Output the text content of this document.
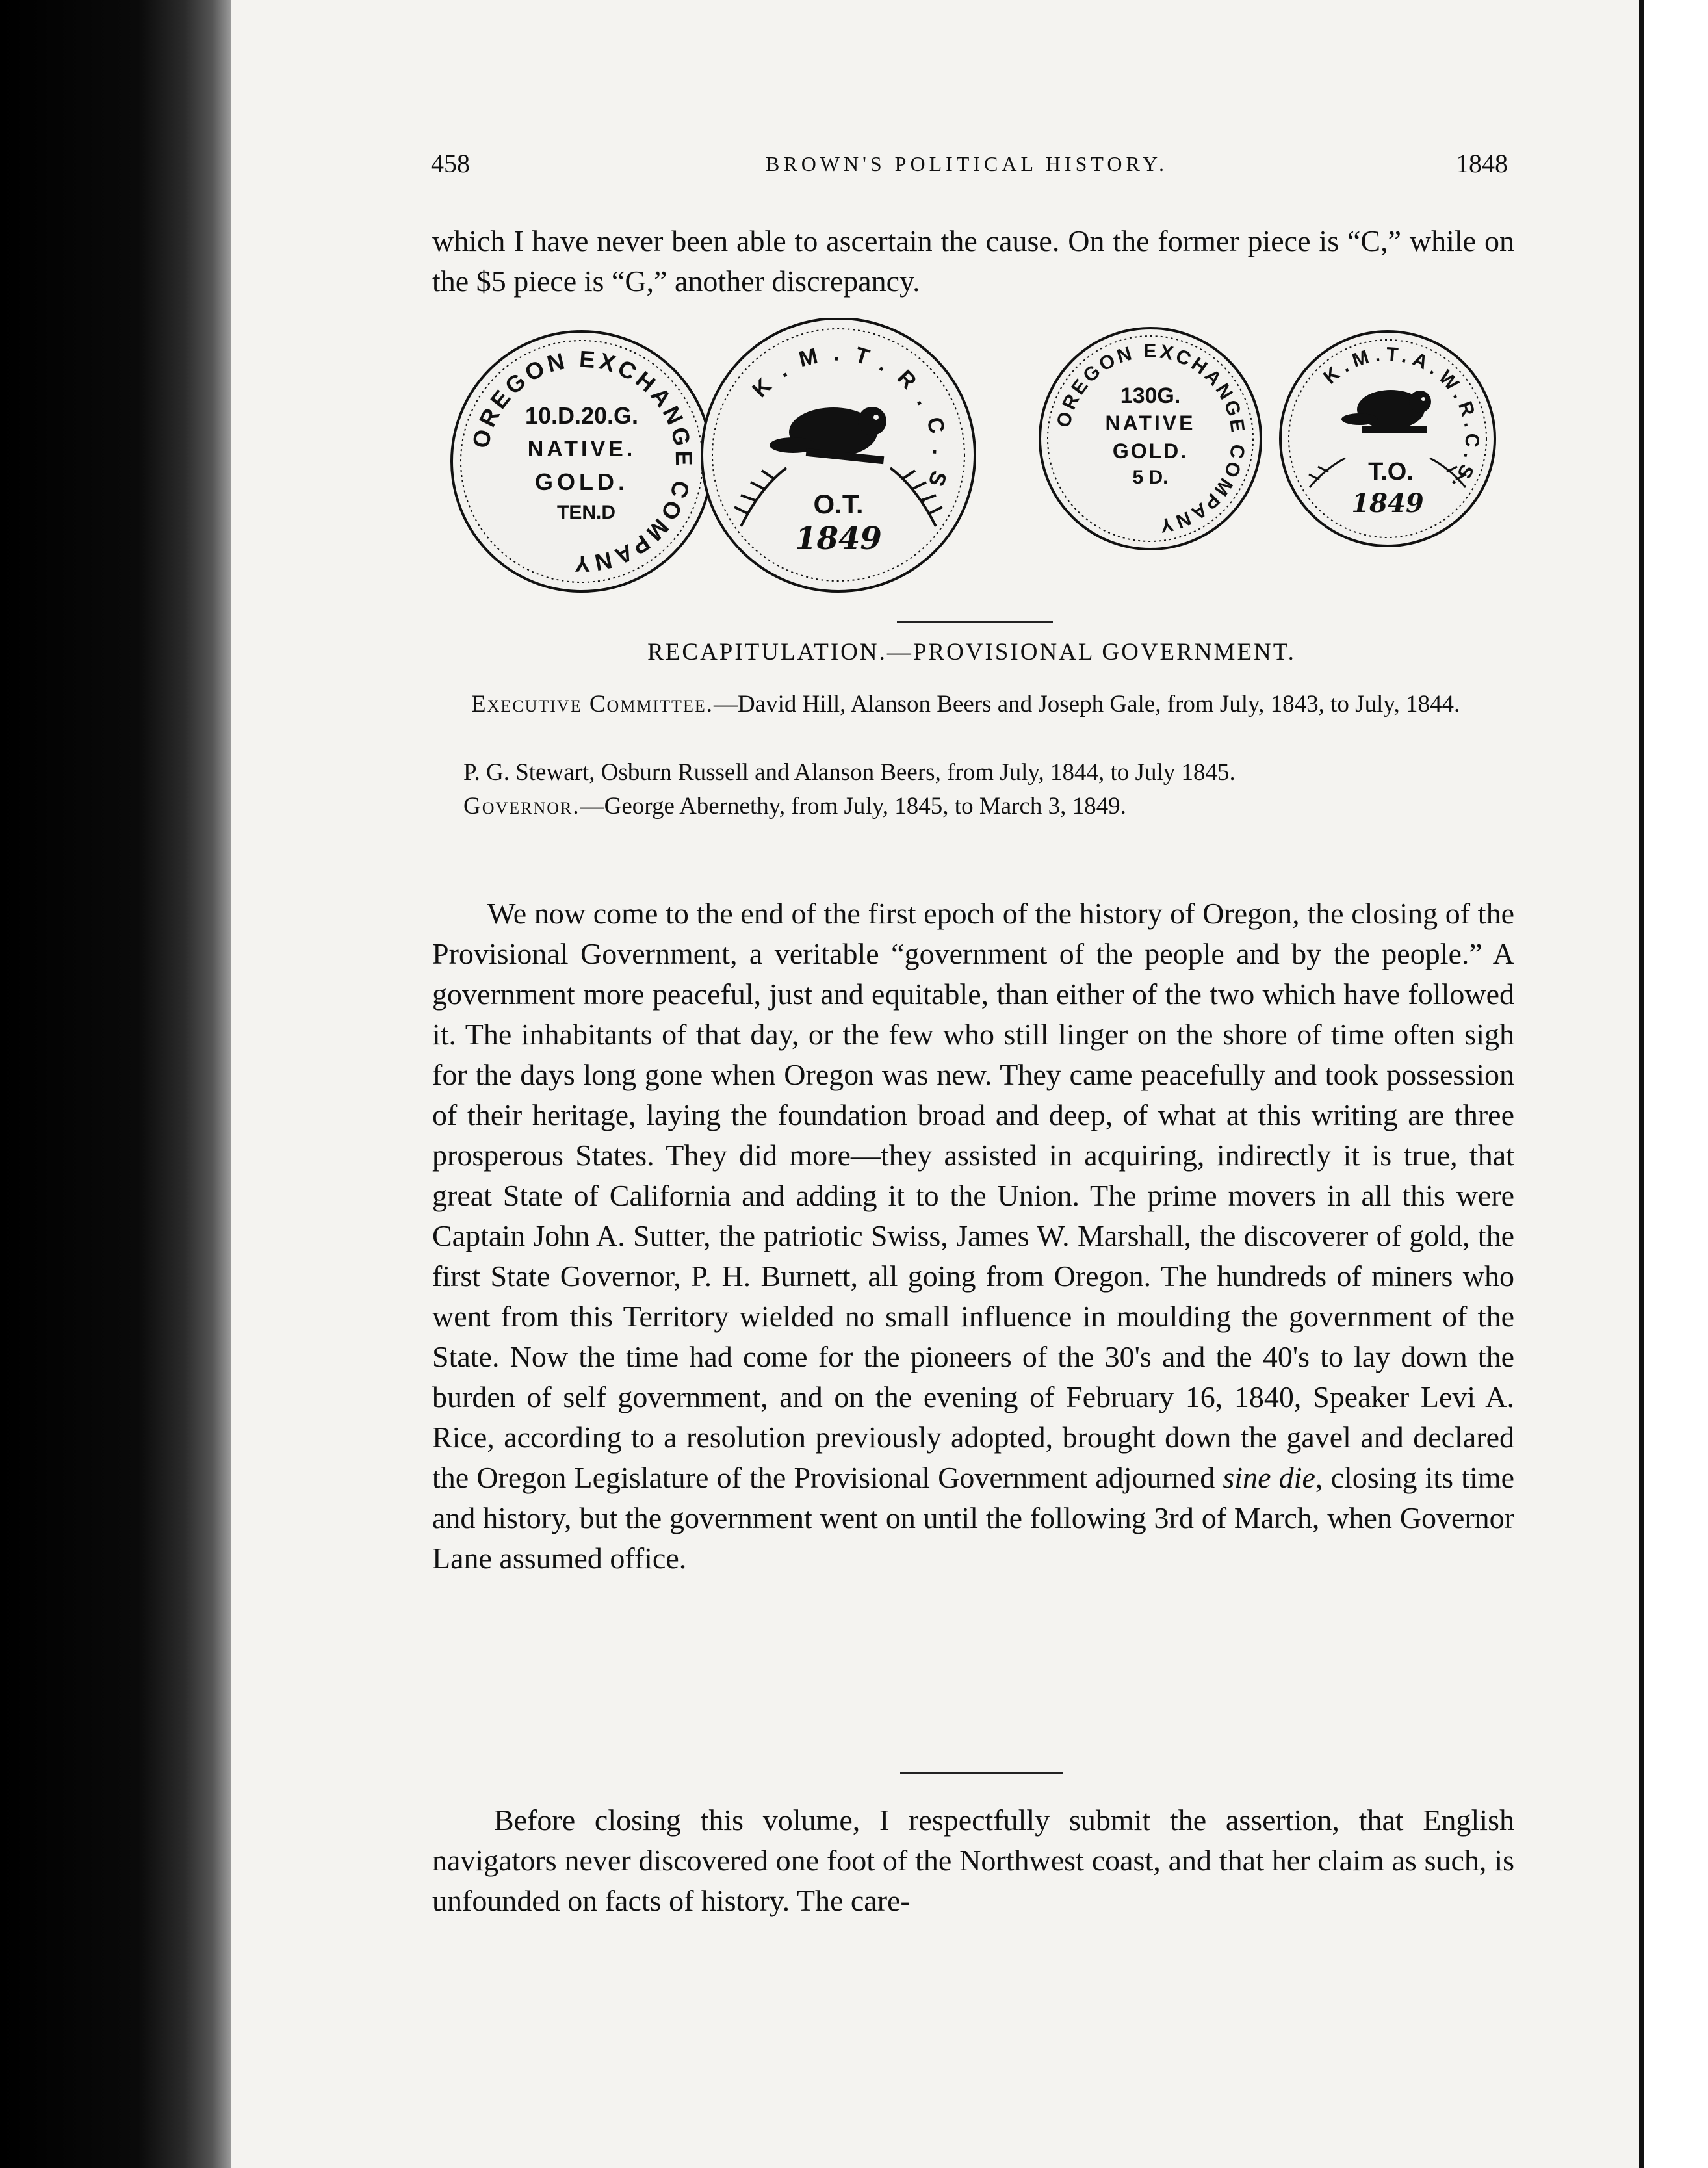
458	BROWN'S POLITICAL HISTORY.	1848
which I have never been able to ascertain the cause. On the former piece is “C,” while on the $5 piece is “G,” another discrepancy.
OREGON EXCHANGE COMPANY
10.D.20.G.
NATIVE.
GOLD.
TEN.D
K.M.T.R.C.S.
O.T.
1849
OREGON EXCHANGE COMPANY
130G.
NATIVE
GOLD.
5 D.
K.M.T.A.W.R.C.S.
T.O.
1849
RECAPITULATION.—PROVISIONAL GOVERNMENT.
Executive Committee.—David Hill, Alanson Beers and Joseph Gale, from July, 1843, to July, 1844.
P. G. Stewart, Osburn Russell and Alanson Beers, from July, 1844, to July 1845.
Governor.—George Abernethy, from July, 1845, to March 3, 1849.

We now come to the end of the first epoch of the history of Oregon, the closing of the Provisional Government, a veritable “government of the people and by the people.” A government more peaceful, just and equitable, than either of the two which have followed it. The inhabitants of that day, or the few who still linger on the shore of time often sigh for the days long gone when Oregon was new. They came peacefully and took possession of their heritage, laying the foundation broad and deep, of what at this writing are three prosperous States. They did more—they assisted in acquiring, indirectly it is true, that great State of California and adding it to the Union. The prime movers in all this were Captain John A. Sutter, the patriotic Swiss, James W. Marshall, the discoverer of gold, the first State Governor, P. H. Burnett, all going from Oregon. The hundreds of miners who went from this Territory wielded no small influence in moulding the government of the State. Now the time had come for the pioneers of the 30's and the 40's to lay down the burden of self government, and on the evening of February 16, 1840, Speaker Levi A. Rice, according to a resolution previously adopted, brought down the gavel and declared the Oregon Legislature of the Provisional Government adjourned sine die, closing its time and history, but the government went on until the following 3rd of March, when Governor Lane assumed office.

Before closing this volume, I respectfully submit the assertion, that English navigators never discovered one foot of the Northwest coast, and that her claim as such, is unfounded on facts of history. The care-
